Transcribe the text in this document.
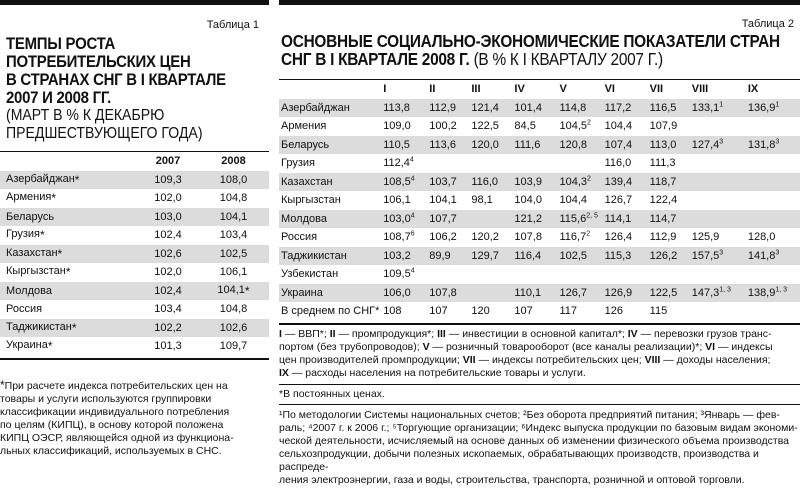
Таблица 1
ТЕМПЫ РОСТА
ПОТРЕБИТЕЛЬСКИХ ЦЕН
В СТРАНАХ СНГ В I КВАРТАЛЕ
2007 И 2008 ГГ.
(МАРТ В % К ДЕКАБРЮ
ПРЕДШЕСТВУЮЩЕГО ГОДА)
	2007	2008
Азербайджан*	109,3	108,0
Армения*	102,0	104,8
Беларусь	103,0	104,1
Грузия*	102,4	103,4
Казахстан*	102,6	102,5
Кыргызстан*	102,0	106,1
Молдова	102,4	104,1*
Россия	103,4	104,8
Таджикистан*	102,2	102,6
Украина*	101,3	109,7
*При расчете индекса потребительских цен на
товары и услуги используются группировки
классификации индивидуального потребления
по целям (КИПЦ), в основу которой положена
КИПЦ ОЭСР, являющейся одной из функциона-
льных классификаций, используемых в СНС.
Таблица 2
ОСНОВНЫЕ СОЦИАЛЬНО-ЭКОНОМИЧЕСКИЕ ПОКАЗАТЕЛИ СТРАН
СНГ В I КВАРТАЛЕ 2008 Г. (В % К I КВАРТАЛУ 2007 Г.)
	I	II	III	IV	V	VI	VII	VIII	IX
Азербайджан	113,8	112,9	121,4	101,4	114,8	117,2	116,5	133,1$^1$	136,9$^1$
Армения	109,0	100,2	122,5	84,5	104,5$^2$	104,4	107,9		
Беларусь	110,5	113,6	120,0	111,6	120,8	107,4	113,0	127,4$^3$	131,8$^3$
Грузия	112,4$^4$					116,0	111,3		
Казахстан	108,5$^4$	103,7	116,0	103,9	104,3$^2$	139,4	118,7		
Кыргызстан	106,1	104,1	98,1	104,0	104,4	126,7	122,4		
Молдова	103,0$^4$	107,7		121,2	115,6$^{2, 5}$	114,1	114,7		
Россия	108,7$^6$	106,2	120,2	107,8	116,7$^2$	126,4	112,9	125,9	128,0
Таджикистан	103,2	89,9	129,7	116,4	102,5	115,3	126,2	157,5$^3$	141,8$^3$
Узбекистан	109,5$^4$								
Украина	106,0	107,8		110,1	126,7	126,9	122,5	147,3$^{1, 3}$	138,9$^{1, 3}$
В среднем по СНГ*	108	107	120	107	117	126	115		
I — ВВП*; II — промпродукция*; III — инвестиции в основной капитал*; IV — перевозки грузов транс-
портом (без трубопроводов); V — розничный товарооборот (все каналы реализации)*; VI — индексы
цен производителей промпродукции; VII — индексы потребительских цен; VIII — доходы населения;
IX — расходы населения на потребительские товары и услуги.
*В постоянных ценах.
¹По методологии Системы национальных счетов; ²Без оборота предприятий питания; ³Январь — фев-
раль; ⁴2007 г. к 2006 г.; ⁵Торгующие организации; ⁶Индекс выпуска продукции по базовым видам экономи-
ческой деятельности, исчисляемый на основе данных об изменении физического объема производства
сельхозпродукции, добычи полезных ископаемых, обрабатывающих производств, производства и распреде-
ления электроэнергии, газа и воды, строительства, транспорта, розничной и оптовой торговли.
